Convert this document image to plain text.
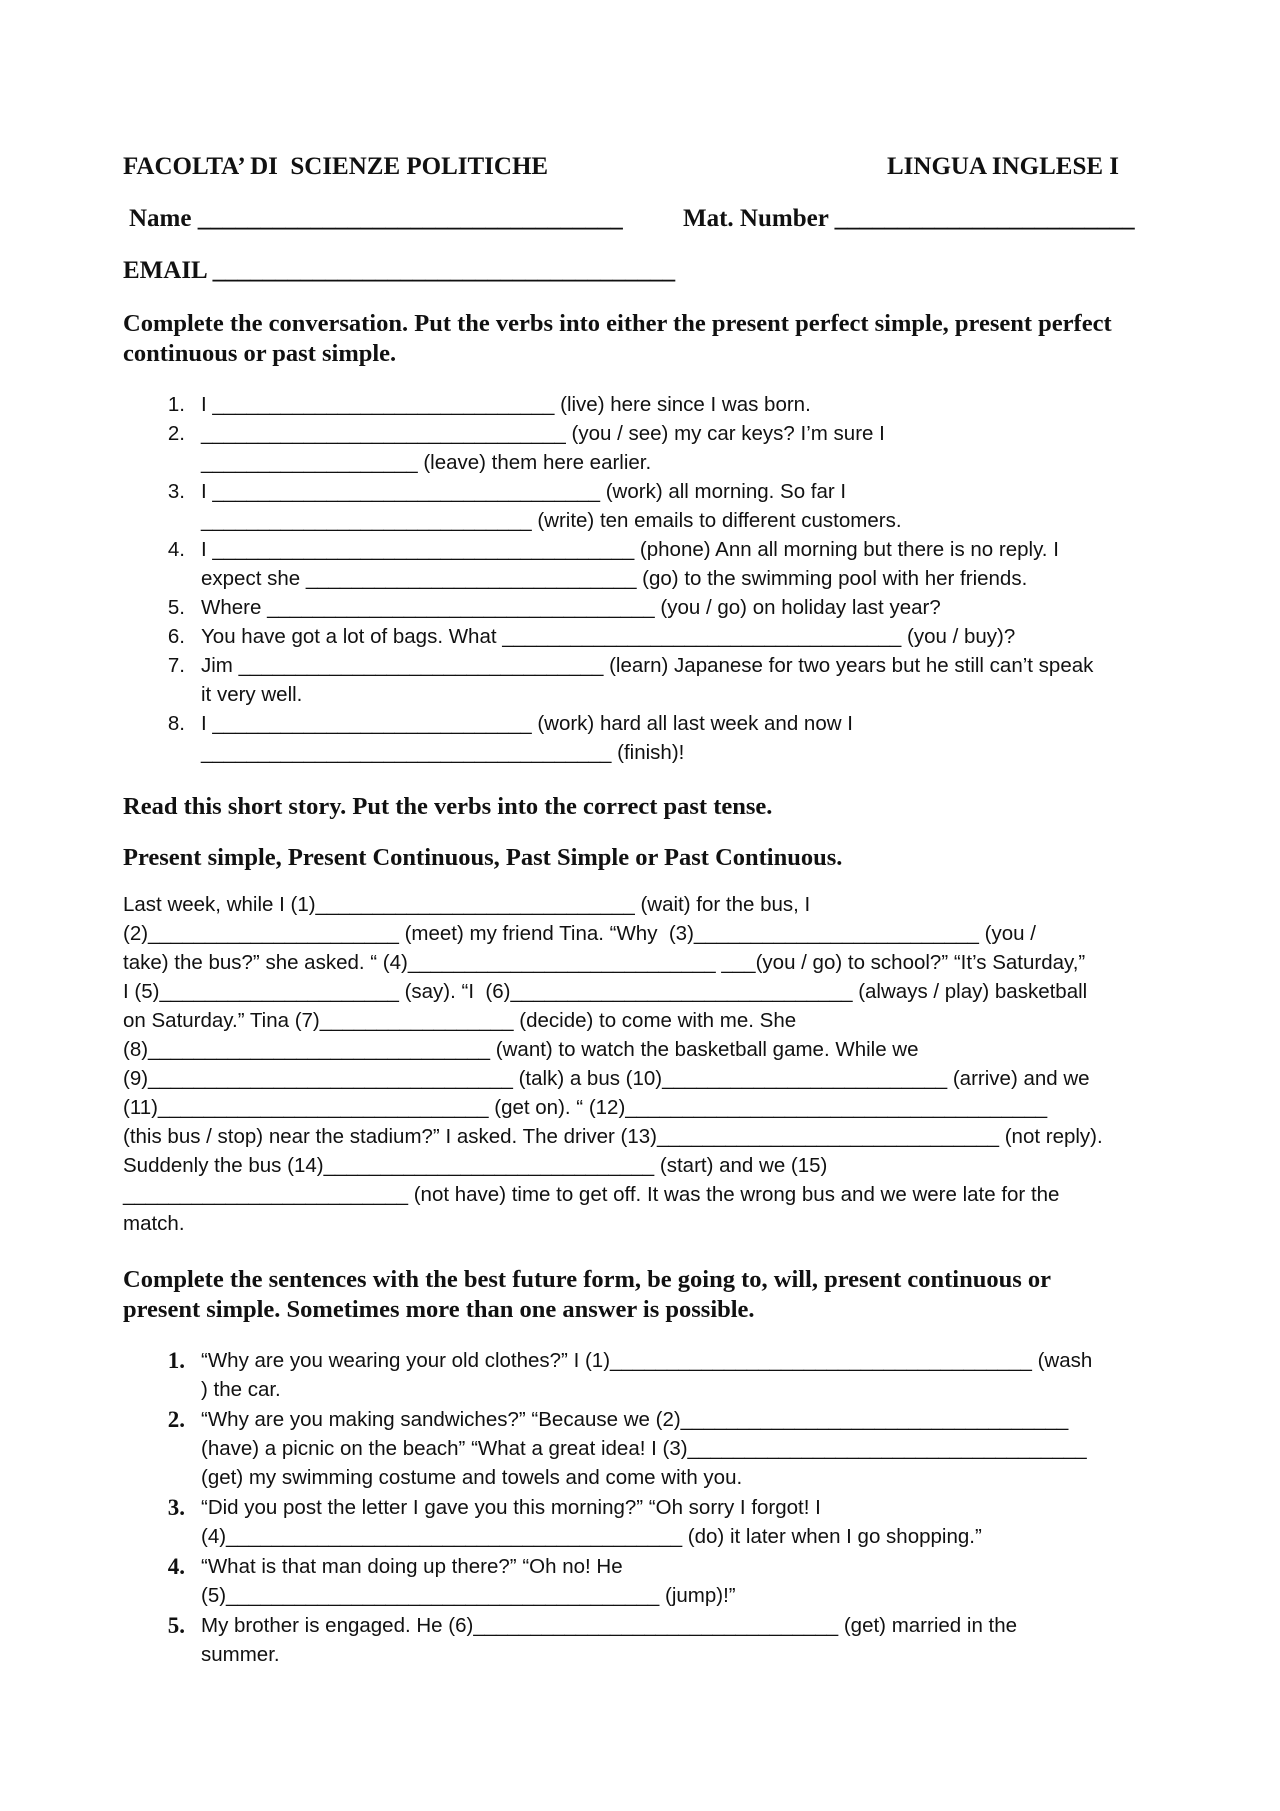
FACOLTA’ DI  SCIENZE POLITICHE	LINGUA INGLESE I
Name __________________________________ Mat. Number ________________________
EMAIL _____________________________________
Complete the conversation. Put the verbs into either the present perfect simple, present perfect continuous or past simple.
1. I ______________________________ (live) here since I was born.
2. ________________________________ (you / see) my car keys? I’m sure I
___________________ (leave) them here earlier.
3. I __________________________________ (work) all morning. So far I
_____________________________ (write) ten emails to different customers.
4. I _____________________________________ (phone) Ann all morning but there is no reply. I
expect she _____________________________ (go) to the swimming pool with her friends.
5. Where __________________________________ (you / go) on holiday last year?
6. You have got a lot of bags. What ___________________________________ (you / buy)?
7. Jim ________________________________ (learn) Japanese for two years but he still can’t speak
it very well.
8. I ____________________________ (work) hard all last week and now I
____________________________________ (finish)!
Read this short story. Put the verbs into the correct past tense.
Present simple, Present Continuous, Past Simple or Past Continuous.
Last week, while I (1)____________________________ (wait) for the bus, I
(2)______________________ (meet) my friend Tina. “Why  (3)_________________________ (you /
take) the bus?” she asked. “ (4)___________________________ ___(you / go) to school?” “It’s Saturday,”
I (5)_____________________ (say). “I  (6)______________________________ (always / play) basketball
on Saturday.” Tina (7)_________________ (decide) to come with me. She
(8)______________________________ (want) to watch the basketball game. While we
(9)________________________________ (talk) a bus (10)_________________________ (arrive) and we
(11)_____________________________ (get on). “ (12)_____________________________________
(this bus / stop) near the stadium?” I asked. The driver (13)______________________________ (not reply).
Suddenly the bus (14)_____________________________ (start) and we (15)
_________________________ (not have) time to get off. It was the wrong bus and we were late for the
match.
Complete the sentences with the best future form, be going to, will, present continuous or present simple. Sometimes more than one answer is possible.
1. “Why are you wearing your old clothes?” I (1)_____________________________________ (wash
) the car.
2. “Why are you making sandwiches?” “Because we (2)__________________________________
(have) a picnic on the beach” “What a great idea! I (3)___________________________________
(get) my swimming costume and towels and come with you.
3. “Did you post the letter I gave you this morning?” “Oh sorry I forgot! I
(4)________________________________________ (do) it later when I go shopping.”
4. “What is that man doing up there?” “Oh no! He
(5)______________________________________ (jump)!”
5. My brother is engaged. He (6)________________________________ (get) married in the
summer.
